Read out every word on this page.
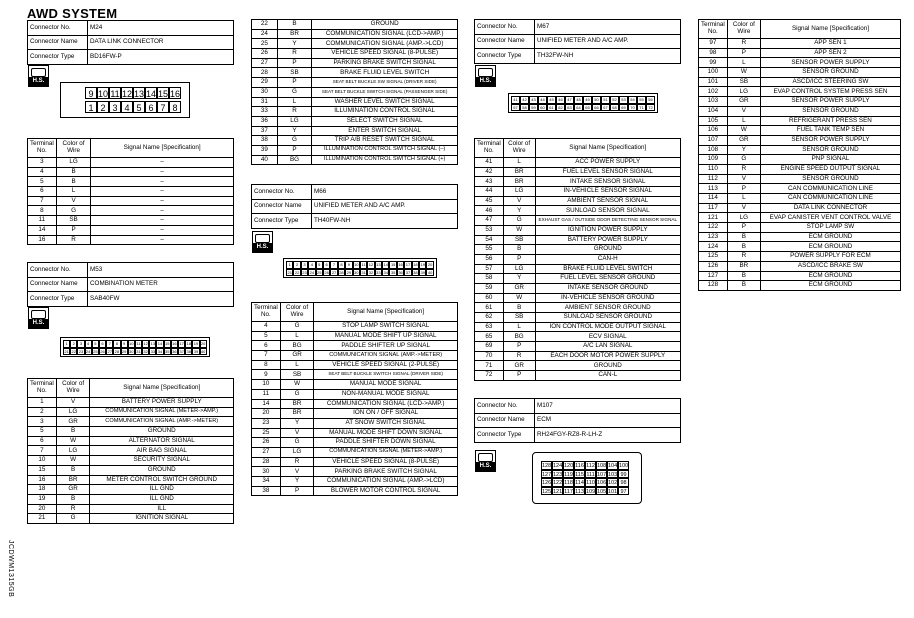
AWD SYSTEM
JCDWM1315GB
Connector No.	M24
Connector Name	DATA LINK CONNECTOR
Connector Type	BD16FW-P
H.S.
9 10 11 12 13 14 15 16
1 2 3 4 5 6 7 8
Terminal No.	Color of Wire	Signal Name [Specification]
3	LG	–
4	B	–
5	B	–
6	L	–
7	V	–
8	G	–
11	SB	–
14	P	–
16	R	–
Connector No.	M53
Connector Name	COMBINATION METER
Connector Type	SAB40FW
H.S.
1	2	3	4	5	6	7	8	9 10 11 12 13 14 15 16 17 18 19 20
21 22 23 24 25 26 27 28 29 30 31 32 33 34 35 36 37 38 39 40
Terminal No.	Color of Wire	Signal Name [Specification]
1	V	BATTERY POWER SUPPLY
2	LG	COMMUNICATION SIGNAL (METER->AMP.)
3	GR	COMMUNICATION SIGNAL (AMP.->METER)
5	B	GROUND
6	W	ALTERNATOR SIGNAL
7	LG	AIR BAG SIGNAL
10	W	SECURITY SIGNAL
15	B	GROUND
16	BR	METER CONTROL SWITCH GROUND
18	GR	ILL GND
19	B	ILL GND
20	R	ILL
21	G	IGNITION SIGNAL
22	B	GROUND
24	BR	COMMUNICATION SIGNAL (LCD->AMP.)
25	Y	COMMUNICATION SIGNAL (AMP.->LCD)
26	R	VEHICLE SPEED SIGNAL (8-PULSE)
27	P	PARKING BRAKE SWITCH SIGNAL
28	SB	BRAKE FLUID LEVEL SWITCH
29	P	SEAT BELT BUCKLE SW SIGNAL (DRIVER SIDE)
30	G	SEAT BELT BUCKLE SWITCH SIGNAL (PASSENGER SIDE)
31	L	WASHER LEVEL SWITCH SIGNAL
33	R	ILLUMINATION CONTROL SIGNAL
36	LG	SELECT SWITCH SIGNAL
37	Y	ENTER SWITCH SIGNAL
38	G	TRIP A/B RESET SWITCH SIGNAL
39	P	ILLUMINATION CONTROL SWITCH SIGNAL (–)
40	BG	ILLUMINATION CONTROL SWITCH SIGNAL (+)
Connector No.	M66
Connector Name	UNIFIED METER AND A/C AMP.
Connector Type	TH40FW-NH
H.S.
1	2	3	4	5	6	7	8	9	10 11 12 13 14 15 16 17 18 19 20
21 22 23 24 25 26 27 28 29 30 31 32 33 34 35 36 37 38 39 40
Terminal No.	Color of Wire	Signal Name [Specification]
4	G	STOP LAMP SWITCH SIGNAL
5	L	MANUAL MODE SHIFT UP SIGNAL
6	BG	PADDLE SHIFTER UP SIGNAL
7	GR	COMMUNICATION SIGNAL (AMP.->METER)
8	L	VEHICLE SPEED SIGNAL (2-PULSE)
9	SB	SEAT BELT BUCKLE SWITCH SIGNAL (DRIVER SIDE)
10	W	MANUAL MODE SIGNAL
11	G	NON-MANUAL MODE SIGNAL
14	BR	COMMUNICATION SIGNAL (LCD->AMP.)
20	BR	ION ON / OFF SIGNAL
23	Y	AT SNOW SWITCH SIGNAL
25	V	MANUAL MODE SHIFT DOWN SIGNAL
26	G	PADDLE SHIFTER DOWN SIGNAL
27	LG	COMMUNICATION SIGNAL (METER->AMP.)
28	R	VEHICLE SPEED SIGNAL (8-PULSE)
30	V	PARKING BRAKE SWITCH SIGNAL
34	Y	COMMUNICATION SIGNAL (AMP.->LCD)
38	P	BLOWER MOTOR CONTROL SIGNAL
Connector No.	M67
Connector Name	UNIFIED METER AND A/C AMP.
Connector Type	TH32FW-NH
H.S.
41	42	43	44	45	46	47	48	49	50	51	52	53	54	55	56
57	58	59	60	61	62	63	64	65	66	67	68	69	70	71	72
Terminal No.	Color of Wire	Signal Name [Specification]
41	L	ACC POWER SUPPLY
42	BR	FUEL LEVEL SENSOR SIGNAL
43	BR	INTAKE SENSOR SIGNAL
44	LG	IN-VEHICLE SENSOR SIGNAL
45	V	AMBIENT SENSOR SIGNAL
46	Y	SUNLOAD SENSOR SIGNAL
47	G	EXHAUST GAS / OUTSIDE ODOR DETECTING SENSOR SIGNAL
53	W	IGNITION POWER SUPPLY
54	SB	BATTERY POWER SUPPLY
55	B	GROUND
56	P	CAN-H
57	LG	BRAKE FLUID LEVEL SWITCH
58	Y	FUEL LEVEL SENSOR GROUND
59	GR	INTAKE SENSOR GROUND
60	W	IN-VEHICLE SENSOR GROUND
61	B	AMBIENT SENSOR GROUND
62	SB	SUNLOAD SENSOR GROUND
63	L	ION CONTROL MODE OUTPUT SIGNAL
65	BG	ECV SIGNAL
69	P	A/C LAN SIGNAL
70	R	EACH DOOR MOTOR POWER SUPPLY
71	GR	GROUND
72	P	CAN-L
Connector No.	M107
Connector Name	ECM
Connector Type	RH24FGY-RZ8-R-LH-Z
H.S.	128 124 120 116 112 108 104 100
127 123 119 115 111 107 103 99
126 122 118 114 110 106 102 98
125 121 117 113 109 105 101 97
Terminal No.	Color of Wire	Signal Name [Specification]
97	R	APP SEN 1
98	P	APP SEN 2
99	L	SENSOR POWER SUPPLY
100	W	SENSOR GROUND
101	SB	ASCD/ICC STEERING SW
102	LG	EVAP CONTROL SYSTEM PRESS SEN
103	GR	SENSOR POWER SUPPLY
104	V	SENSOR GROUND
105	L	REFRIGERANT PRESS SEN
106	W	FUEL TANK TEMP SEN
107	GR	SENSOR POWER SUPPLY
108	Y	SENSOR GROUND
109	G	PNP SIGNAL
110	R	ENGINE SPEED OUTPUT SIGNAL
112	V	SENSOR GROUND
113	P	CAN COMMUNICATION LINE
114	L	CAN COMMUNICATION LINE
117	V	DATA LINK CONNECTOR
121	LG	EVAP CANISTER VENT CONTROL VALVE
122	P	STOP LAMP SW
123	B	ECM GROUND
124	B	ECM GROUND
125	R	POWER SUPPLY FOR ECM
126	BR	ASCD/ICC BRAKE SW
127	B	ECM GROUND
128	B	ECM GROUND
